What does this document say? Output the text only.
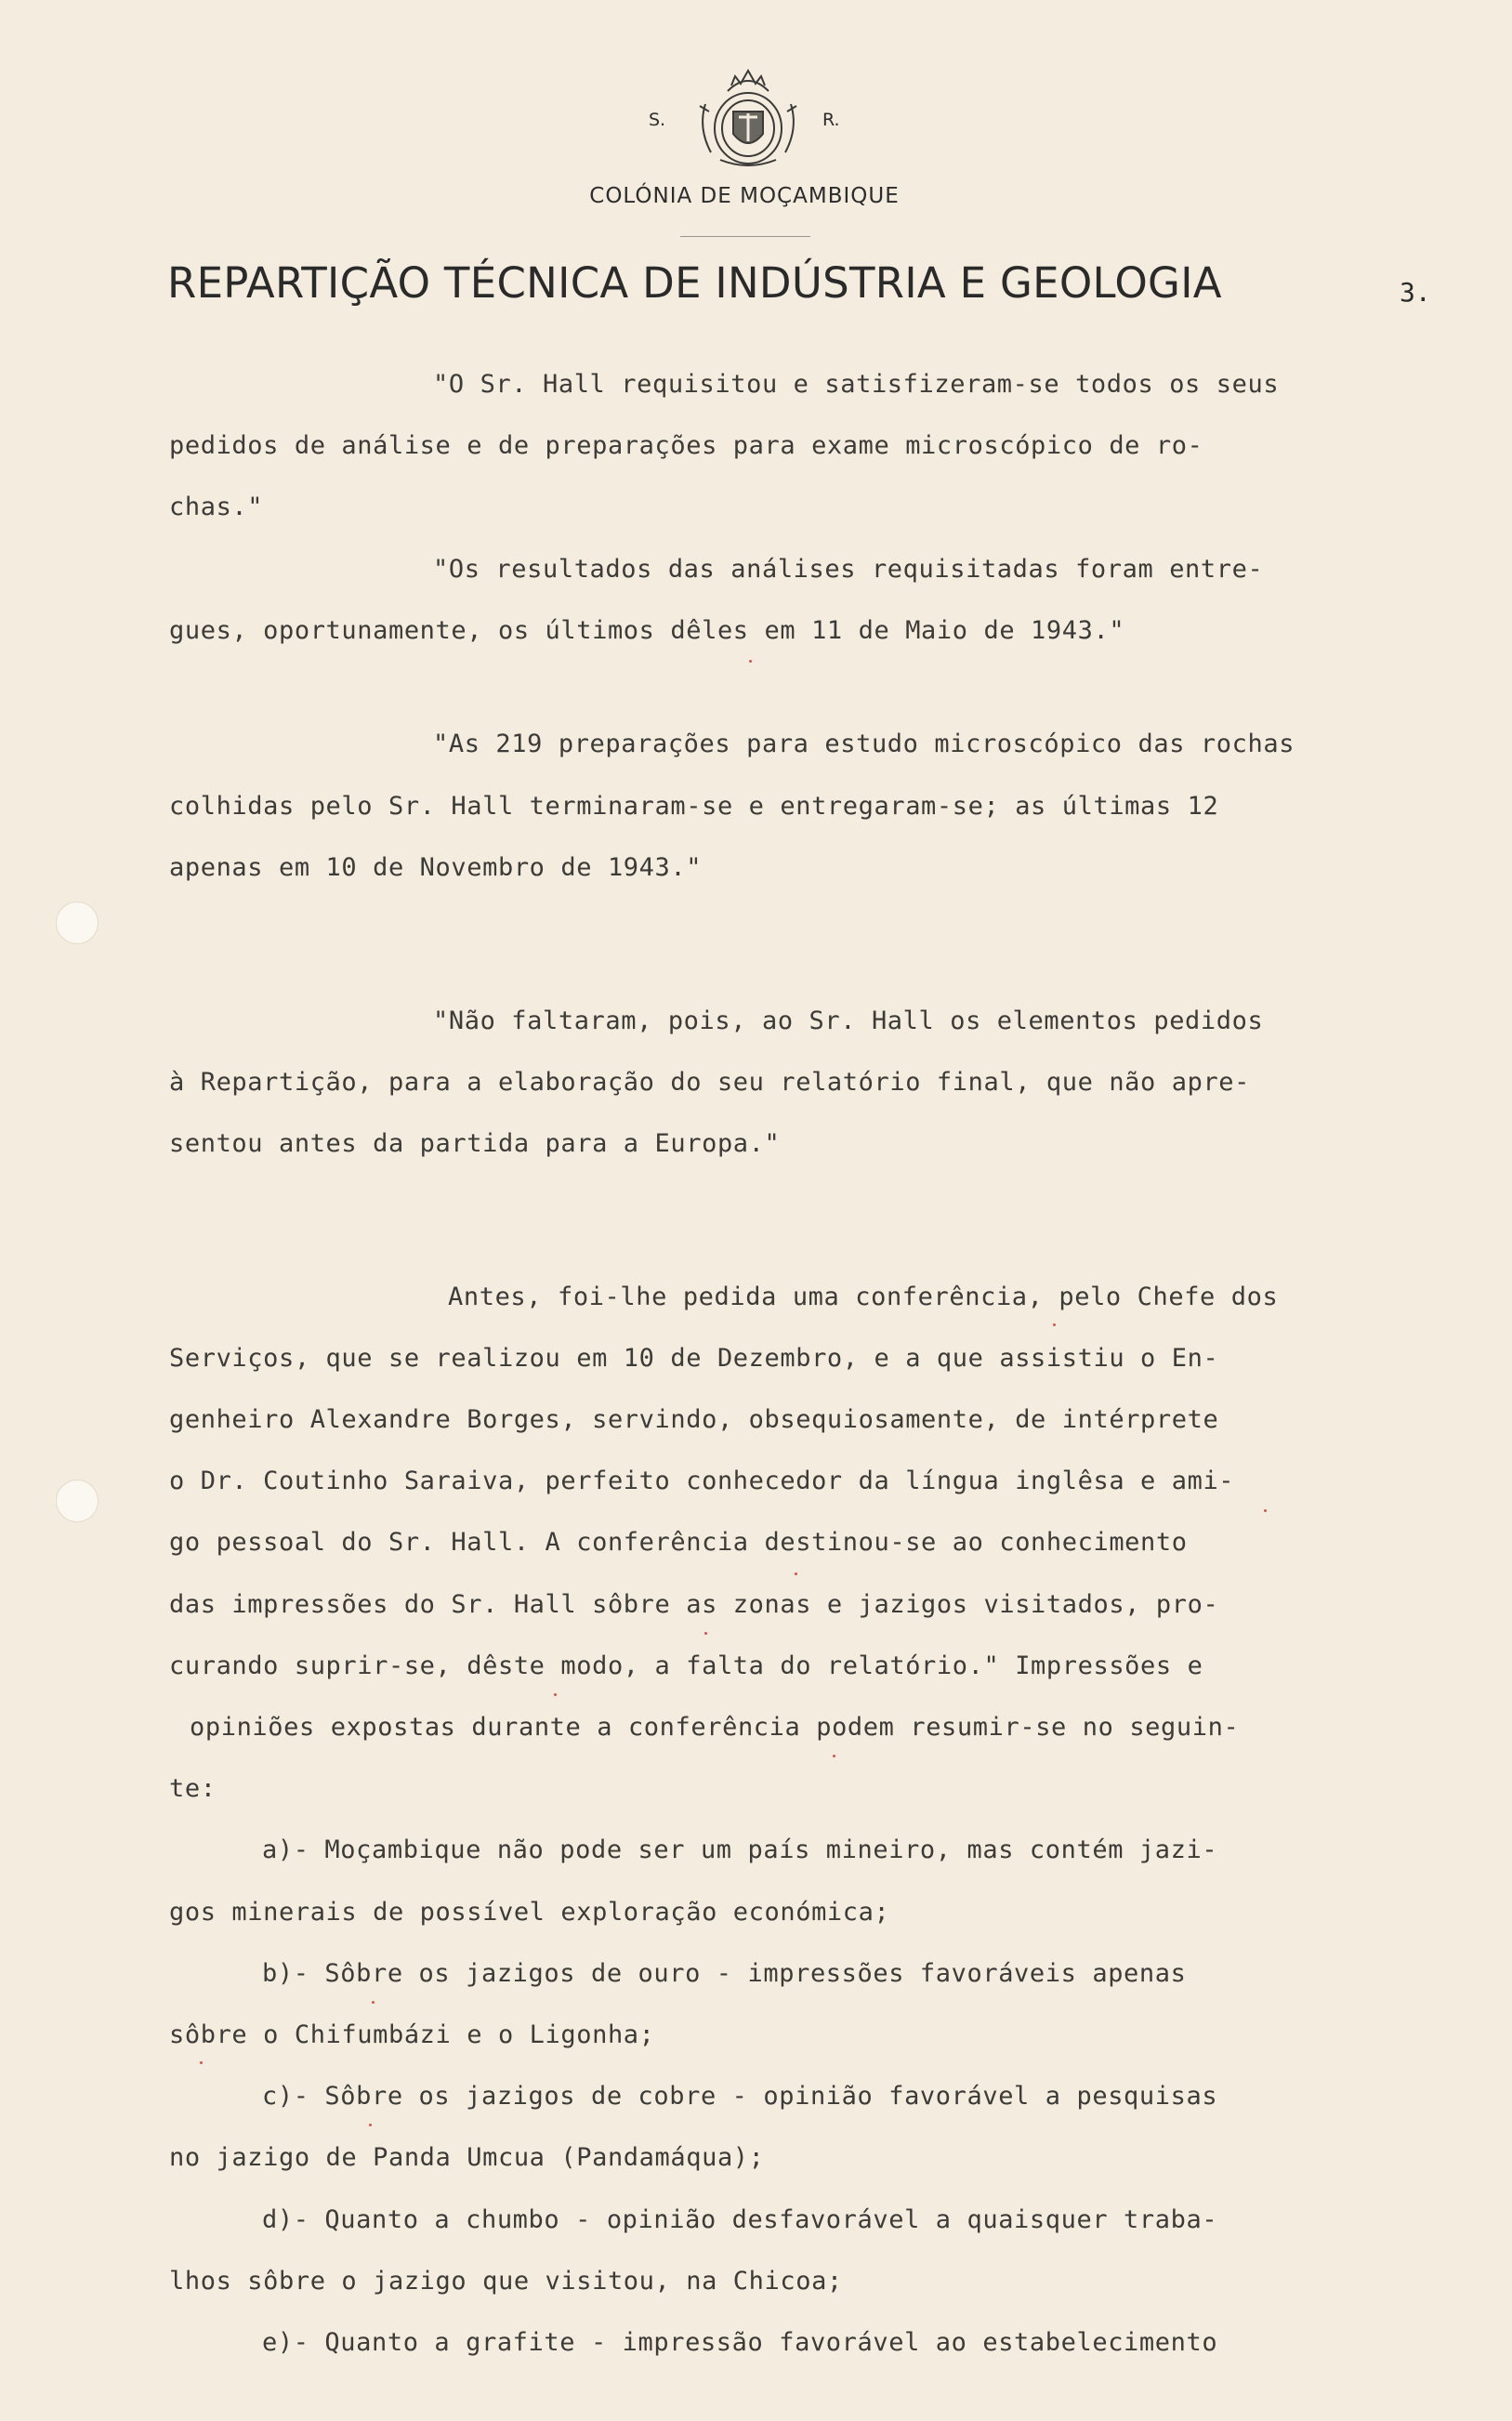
S.	R.
COLÓNIA DE MOÇAMBIQUE
REPARTIÇÃO TÉCNICA DE INDÚSTRIA E GEOLOGIA	3.
"O Sr. Hall requisitou e satisfizeram-se todos os seus
pedidos de análise e de preparações para exame microscópico de ro-
chas."
"Os resultados das análises requisitadas foram entre-
gues, oportunamente, os últimos dêles em 11 de Maio de 1943."
"As 219 preparações para estudo microscópico das rochas
colhidas pelo Sr. Hall terminaram-se e entregaram-se; as últimas 12
apenas em 10 de Novembro de 1943."
"Não faltaram, pois, ao Sr. Hall os elementos pedidos
à Repartição, para a elaboração do seu relatório final, que não apre-
sentou antes da partida para a Europa."
Antes, foi-lhe pedida uma conferência, pelo Chefe dos
Serviços, que se realizou em 10 de Dezembro, e a que assistiu o En-
genheiro Alexandre Borges, servindo, obsequiosamente, de intérprete
o Dr. Coutinho Saraiva, perfeito conhecedor da língua inglêsa e ami-
go pessoal do Sr. Hall. A conferência destinou-se ao conhecimento
das impressões do Sr. Hall sôbre as zonas e jazigos visitados, pro-
curando suprir-se, dêste modo, a falta do relatório." Impressões e
opiniões expostas durante a conferência podem resumir-se no seguin-
te:
a)- Moçambique não pode ser um país mineiro, mas contém jazi-
gos minerais de possível exploração económica;
b)- Sôbre os jazigos de ouro - impressões favoráveis apenas
sôbre o Chifumbázi e o Ligonha;
c)- Sôbre os jazigos de cobre - opinião favorável a pesquisas
no jazigo de Panda Umcua (Pandamáqua);
d)- Quanto a chumbo - opinião desfavorável a quaisquer traba-
lhos sôbre o jazigo que visitou, na Chicoa;
e)- Quanto a grafite - impressão favorável ao estabelecimento
